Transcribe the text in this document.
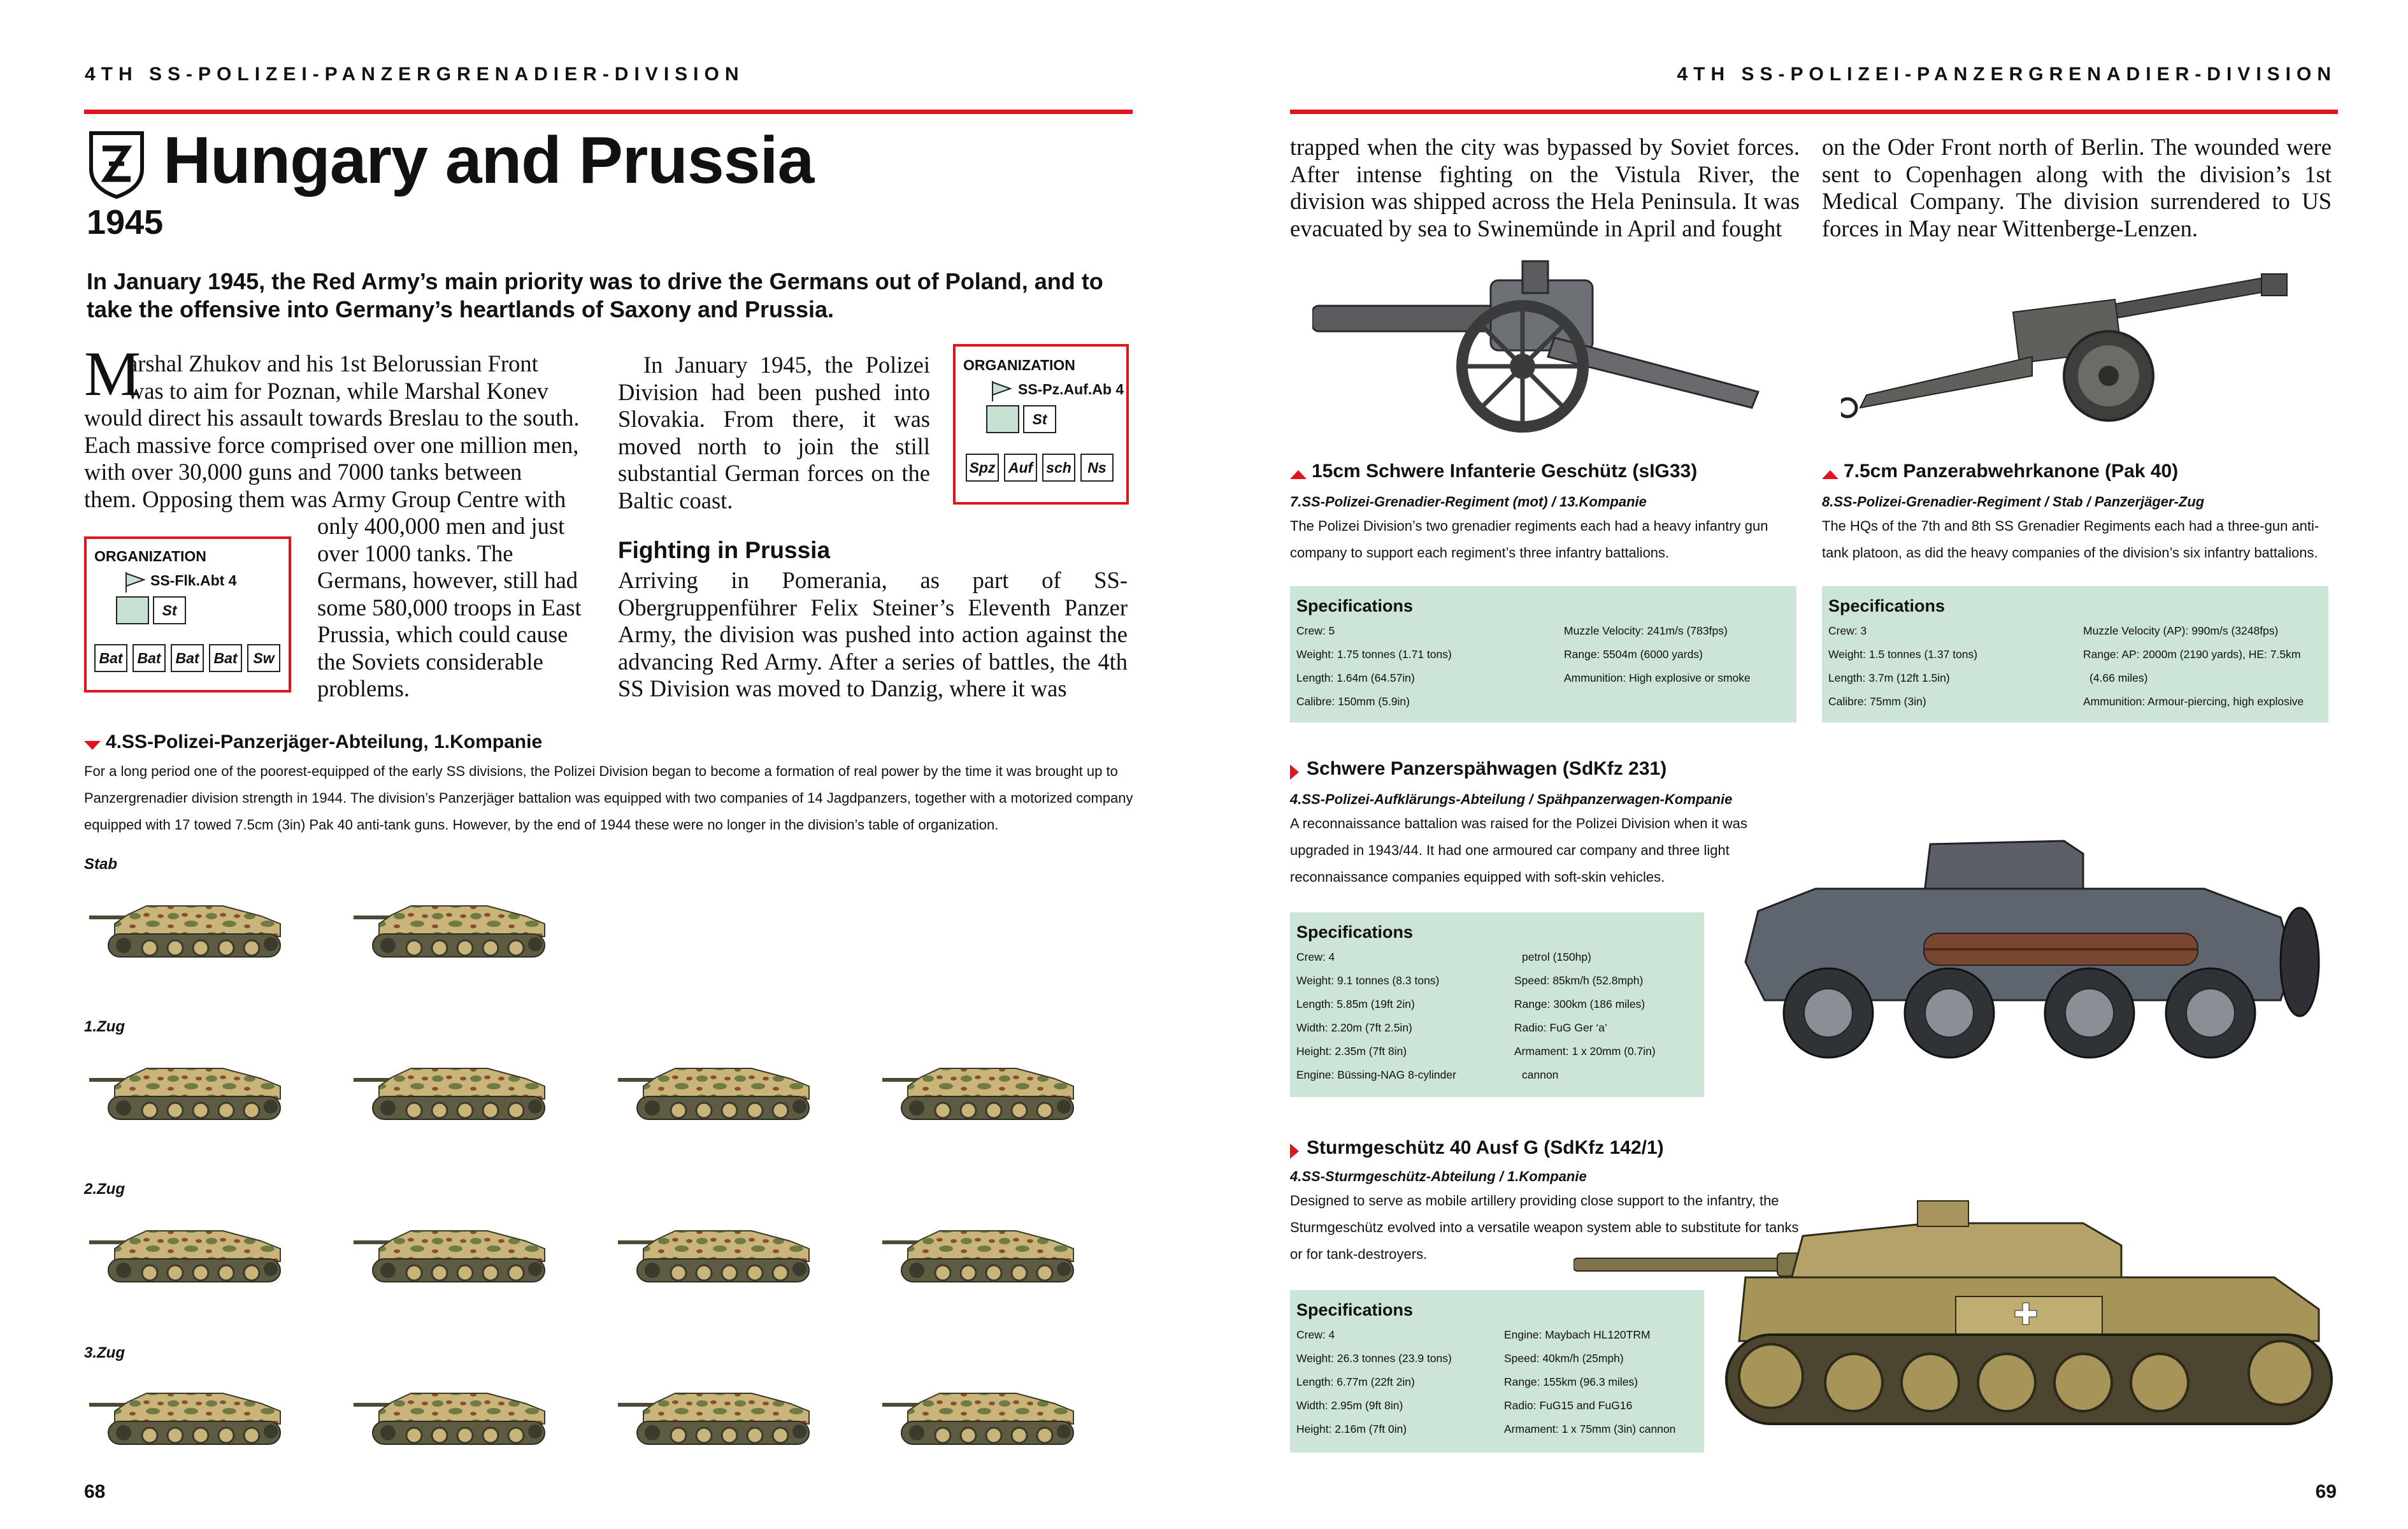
4TH SS-POLIZEI-PANZERGRENADIER-DIVISION
Hungary and Prussia
1945
In January 1945, the Red Army’s main priority was to drive the Germans out of Poland, and to take the offensive into Germany’s heartlands of Saxony and Prussia.
M
arshal Zhukov and his 1st Belorussian Front
was to aim for Poznan, while Marshal Konev
would direct his assault towards Breslau to the south.
Each massive force comprised over one million men,
with over 30,000 guns and 7000 tanks between
them. Opposing them was Army Group Centre with
only 400,000 men and just
over 1000 tanks. The
Germans, however, still had
some 580,000 troops in East
Prussia, which could cause
the Soviets considerable
problems.
ORGANIZATION
SS-Flk.Abt 4
St
Bat Bat Bat Bat	Sw
In January 1945, the Polizei Division had been pushed into Slovakia. From there, it was moved north to join the still substantial German forces on the Baltic coast.
Fighting in Prussia
Arriving in Pomerania, as part of SS-Obergruppenführer Felix Steiner’s Eleventh Panzer Army, the division was pushed into action against the advancing Red Army. After a series of battles, the 4th SS Division was moved to Danzig, where it was
ORGANIZATION
SS-Pz.Auf.Ab 4
St
Spz Auf sch	Ns
4.SS-Polizei-Panzerjäger-Abteilung, 1.Kompanie
For a long period one of the poorest-equipped of the early SS divisions, the Polizei Division began to become a formation of real power by the time it was brought up to
Panzergrenadier division strength in 1944. The division’s Panzerjäger battalion was equipped with two companies of 14 Jagdpanzers, together with a motorized company
equipped with 17 towed 7.5cm (3in) Pak 40 anti-tank guns. However, by the end of 1944 these were no longer in the division’s table of organization.
Stab
1.Zug
2.Zug
3.Zug
68
4TH SS-POLIZEI-PANZERGRENADIER-DIVISION
trapped when the city was bypassed by Soviet forces. After intense fighting on the Vistula River, the division was shipped across the Hela Peninsula. It was evacuated by sea to Swinemünde in April and fought
on the Oder Front north of Berlin. The wounded were sent to Copenhagen along with the division’s 1st Medical Company. The division surrendered to US forces in May near Wittenberge-Lenzen.
15cm Schwere Infanterie Geschütz (sIG33)
7.SS-Polizei-Grenadier-Regiment (mot) / 13.Kompanie
The Polizei Division’s two grenadier regiments each had a heavy infantry gun
company to support each regiment’s three infantry battalions.
Specifications
Crew: 5
Weight: 1.75 tonnes (1.71 tons)
Length: 1.64m (64.57in)
Calibre: 150mm (5.9in)
Muzzle Velocity: 241m/s (783fps)
Range: 5504m (6000 yards)
Ammunition: High explosive or smoke
7.5cm Panzerabwehrkanone (Pak 40)
8.SS-Polizei-Grenadier-Regiment / Stab / Panzerjäger-Zug
The HQs of the 7th and 8th SS Grenadier Regiments each had a three-gun anti-
tank platoon, as did the heavy companies of the division’s six infantry battalions.
Specifications
Crew: 3
Weight: 1.5 tonnes (1.37 tons)
Length: 3.7m (12ft 1.5in)
Calibre: 75mm (3in)
Muzzle Velocity (AP): 990m/s (3248fps)
Range: AP: 2000m (2190 yards), HE: 7.5km
(4.66 miles)
Ammunition: Armour-piercing, high explosive
Schwere Panzerspähwagen (SdKfz 231)
4.SS-Polizei-Aufklärungs-Abteilung / Spähpanzerwagen-Kompanie
A reconnaissance battalion was raised for the Polizei Division when it was
upgraded in 1943/44. It had one armoured car company and three light
reconnaissance companies equipped with soft-skin vehicles.
Specifications
Crew: 4
Weight: 9.1 tonnes (8.3 tons)
Length: 5.85m (19ft 2in)
Width: 2.20m (7ft 2.5in)
Height: 2.35m (7ft 8in)
Engine: Büssing-NAG 8-cylinder
petrol (150hp)
Speed: 85km/h (52.8mph)
Range: 300km (186 miles)
Radio: FuG Ger ‘a’
Armament: 1 x 20mm (0.7in)
cannon
Sturmgeschütz 40 Ausf G (SdKfz 142/1)
4.SS-Sturmgeschütz-Abteilung / 1.Kompanie
Designed to serve as mobile artillery providing close support to the infantry, the
Sturmgeschütz evolved into a versatile weapon system able to substitute for tanks
or for tank-destroyers.
Specifications
Crew: 4
Weight: 26.3 tonnes (23.9 tons)
Length: 6.77m (22ft 2in)
Width: 2.95m (9ft 8in)
Height: 2.16m (7ft 0in)
Engine: Maybach HL120TRM
Speed: 40km/h (25mph)
Range: 155km (96.3 miles)
Radio: FuG15 and FuG16
Armament: 1 x 75mm (3in) cannon
69
